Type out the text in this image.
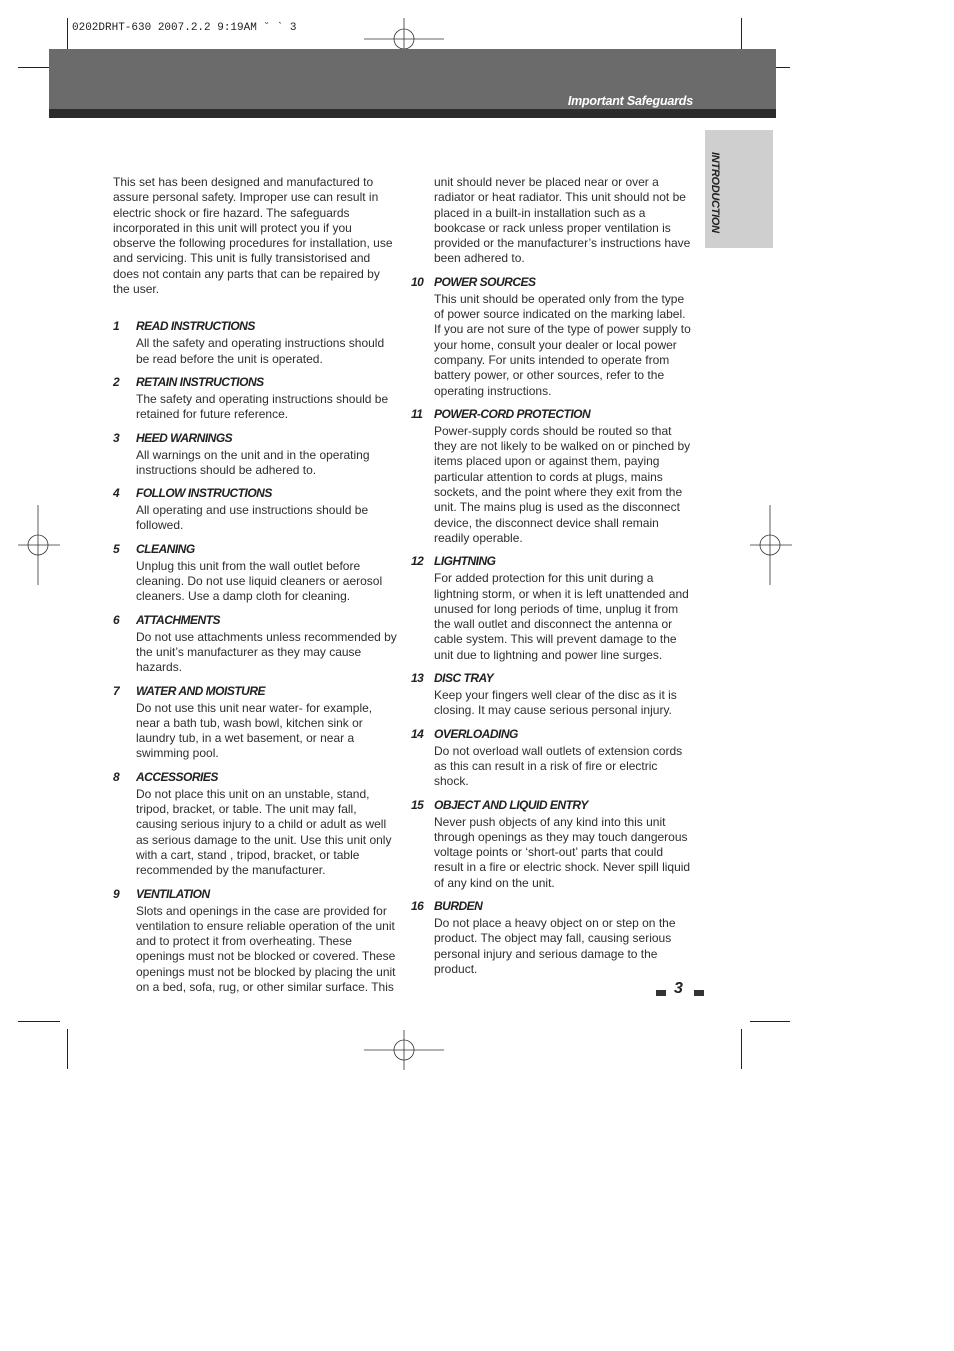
0202DRHT-630 2007.2.2 9:19AM ˘ ` 3
Important Safeguards
INTRODUCTION

This set has been designed and manufactured to assure personal safety. Improper use can result in electric shock or fire hazard. The safeguards incorporated in this unit will protect you if you observe the following procedures for installation, use and servicing. This unit is fully transistorised and does not contain any parts that can be repaired by the user.

1 READ INSTRUCTIONS
All the safety and operating instructions should be read before the unit is operated.
2 RETAIN INSTRUCTIONS
The safety and operating instructions should be retained for future reference.
3 HEED WARNINGS
All warnings on the unit and in the operating instructions should be adhered to.
4 FOLLOW INSTRUCTIONS
All operating and use instructions should be followed.
5 CLEANING
Unplug this unit from the wall outlet before cleaning. Do not use liquid cleaners or aerosol cleaners. Use a damp cloth for cleaning.
6 ATTACHMENTS
Do not use attachments unless recommended by the unit’s manufacturer as they may cause hazards.
7 WATER AND MOISTURE
Do not use this unit near water- for example, near a bath tub, wash bowl, kitchen sink or laundry tub, in a wet basement, or near a swimming pool.
8 ACCESSORIES
Do not place this unit on an unstable, stand, tripod, bracket, or table. The unit may fall, causing serious injury to a child or adult as well as serious damage to the unit. Use this unit only with a cart, stand , tripod, bracket, or table recommended by the manufacturer.
9 VENTILATION
Slots and openings in the case are provided for ventilation to ensure reliable operation of the unit and to protect it from overheating. These openings must not be blocked or covered. These openings must not be blocked by placing the unit on a bed, sofa, rug, or other similar surface. This
unit should never be placed near or over a radiator or heat radiator. This unit should not be placed in a built-in installation such as a bookcase or rack unless proper ventilation is provided or the manufacturer’s instructions have been adhered to.
10 POWER SOURCES
This unit should be operated only from the type of power source indicated on the marking label. If you are not sure of the type of power supply to your home, consult your dealer or local power company. For units intended to operate from battery power, or other sources, refer to the operating instructions.
11 POWER-CORD PROTECTION
Power-supply cords should be routed so that they are not likely to be walked on or pinched by items placed upon or against them, paying particular attention to cords at plugs, mains sockets, and the point where they exit from the unit. The mains plug is used as the disconnect device, the disconnect device shall remain readily operable.
12 LIGHTNING
For added protection for this unit during a lightning storm, or when it is left unattended and unused for long periods of time, unplug it from the wall outlet and disconnect the antenna or cable system. This will prevent damage to the unit due to lightning and power line surges.
13 DISC TRAY
Keep your fingers well clear of the disc as it is closing. It may cause serious personal injury.
14 OVERLOADING
Do not overload wall outlets of extension cords as this can result in a risk of fire or electric shock.
15 OBJECT AND LIQUID ENTRY
Never push objects of any kind into this unit through openings as they may touch dangerous voltage points or ‘short-out’ parts that could result in a fire or electric shock. Never spill liquid of any kind on the unit.
16 BURDEN
Do not place a heavy object on or step on the product. The object may fall, causing serious personal injury and serious damage to the product.
3
